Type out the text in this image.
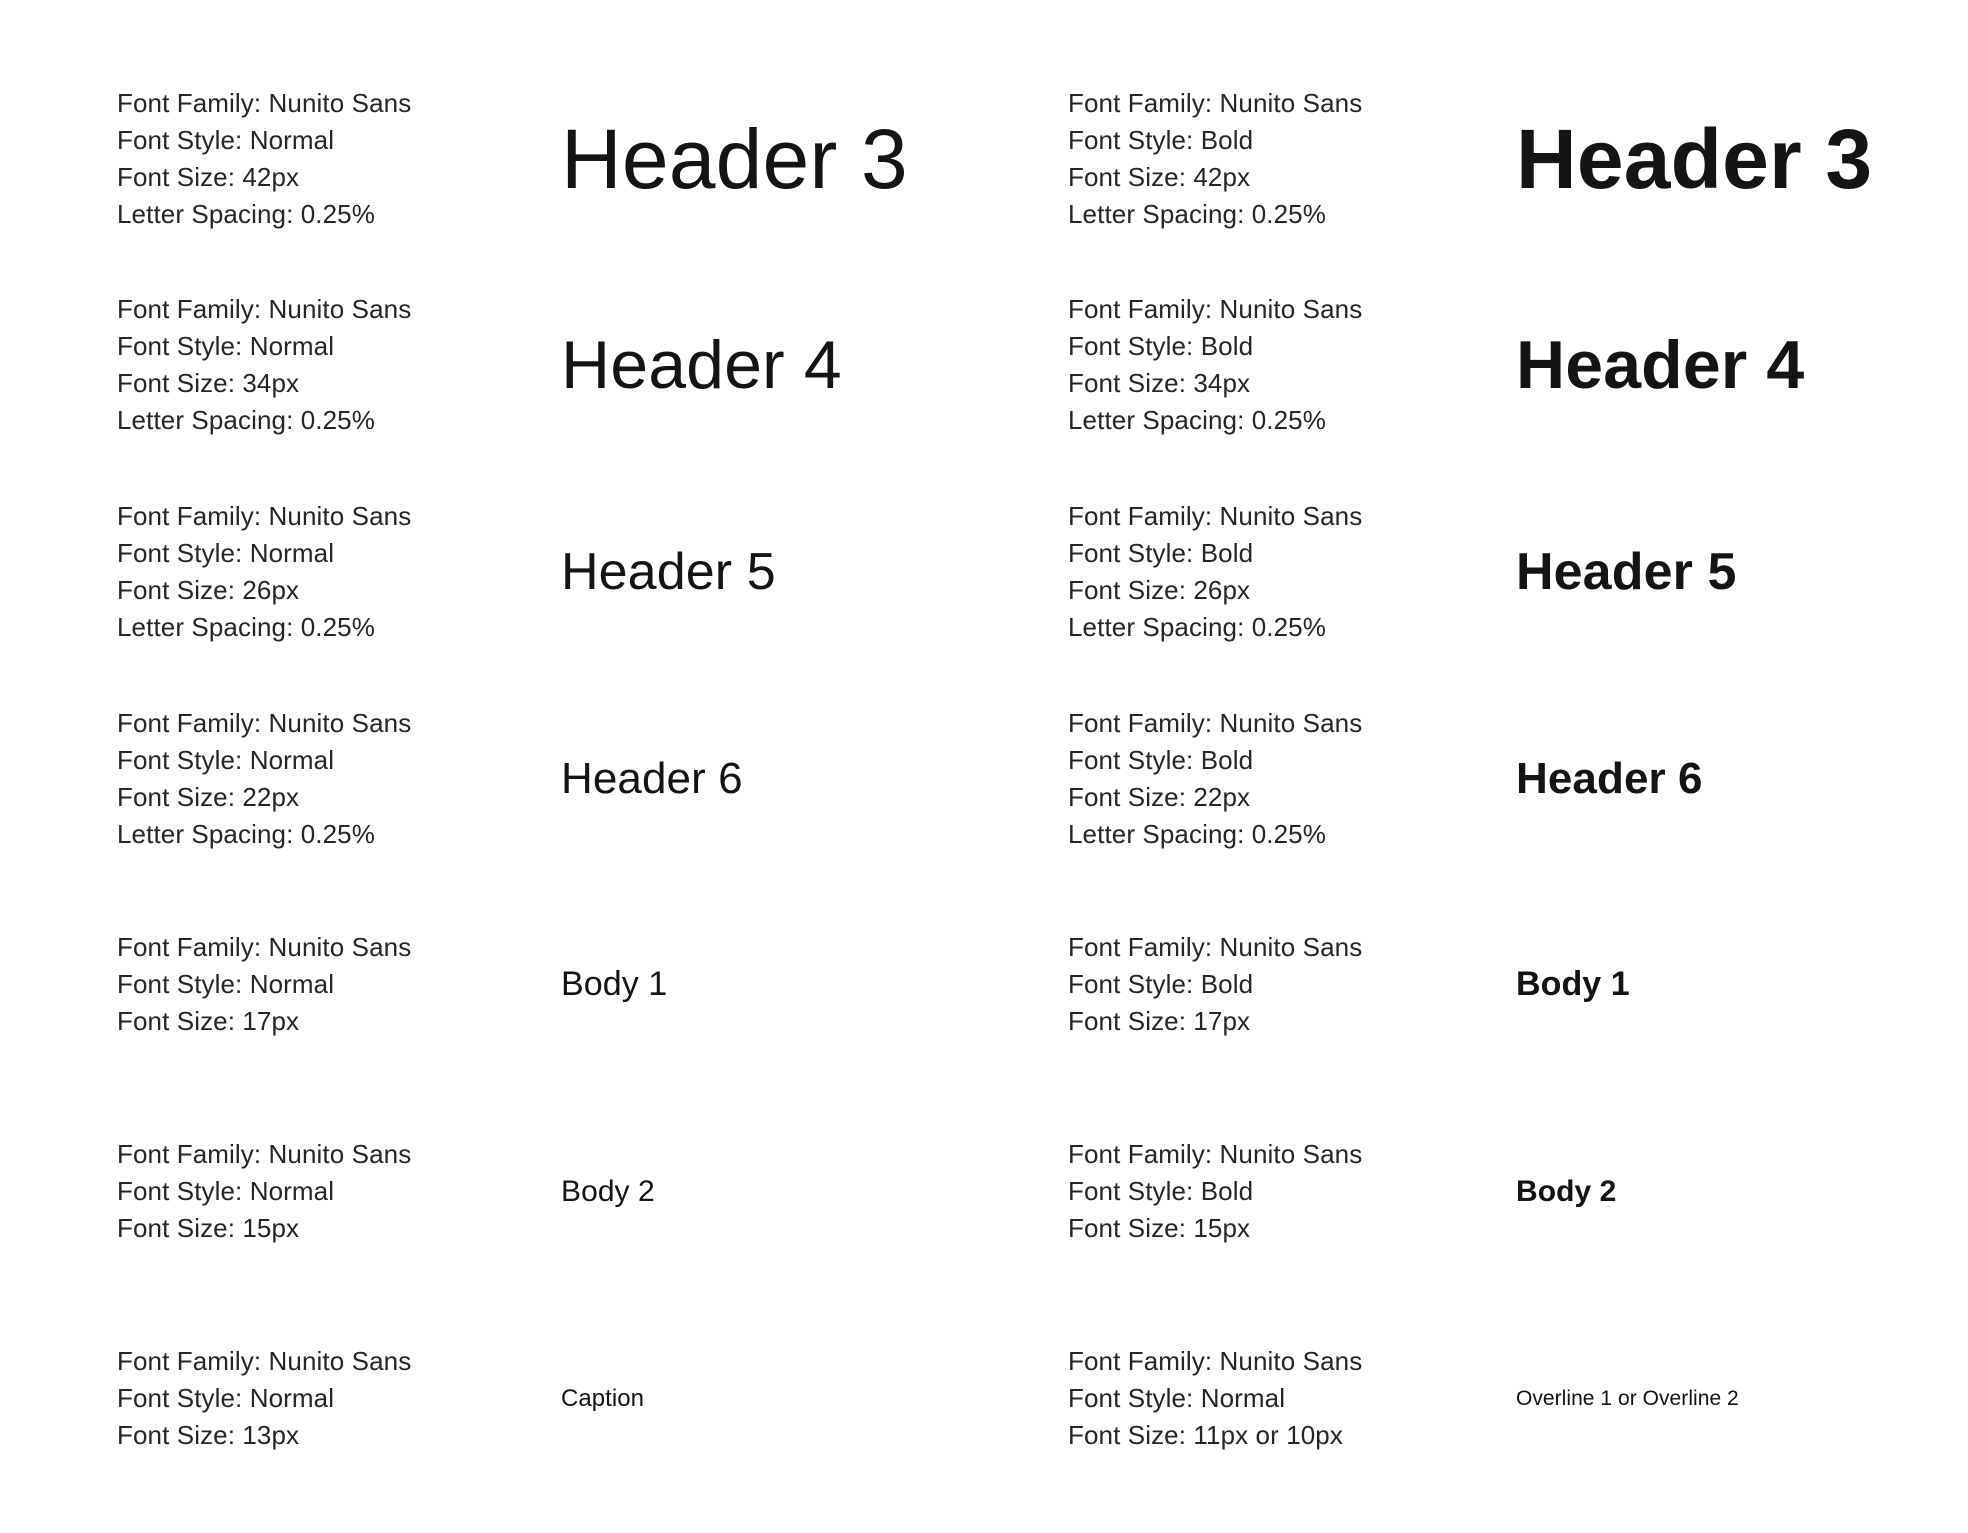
Font Family: Nunito Sans
Font Style: Normal
Font Size: 42px
Letter Spacing: 0.25%
Header 3
Font Family: Nunito Sans
Font Style: Bold
Font Size: 42px
Letter Spacing: 0.25%
Header 3
Font Family: Nunito Sans
Font Style: Normal
Font Size: 34px
Letter Spacing: 0.25%
Header 4
Font Family: Nunito Sans
Font Style: Bold
Font Size: 34px
Letter Spacing: 0.25%
Header 4
Font Family: Nunito Sans
Font Style: Normal
Font Size: 26px
Letter Spacing: 0.25%
Header 5
Font Family: Nunito Sans
Font Style: Bold
Font Size: 26px
Letter Spacing: 0.25%
Header 5
Font Family: Nunito Sans
Font Style: Normal
Font Size: 22px
Letter Spacing: 0.25%
Header 6
Font Family: Nunito Sans
Font Style: Bold
Font Size: 22px
Letter Spacing: 0.25%
Header 6
Font Family: Nunito Sans
Font Style: Normal
Font Size: 17px
Body 1
Font Family: Nunito Sans
Font Style: Bold
Font Size: 17px
Body 1
Font Family: Nunito Sans
Font Style: Normal
Font Size: 15px
Body 2
Font Family: Nunito Sans
Font Style: Bold
Font Size: 15px
Body 2
Font Family: Nunito Sans
Font Style: Normal
Font Size: 13px
Caption
Font Family: Nunito Sans
Font Style: Normal
Font Size: 11px or 10px
Overline 1 or Overline 2
